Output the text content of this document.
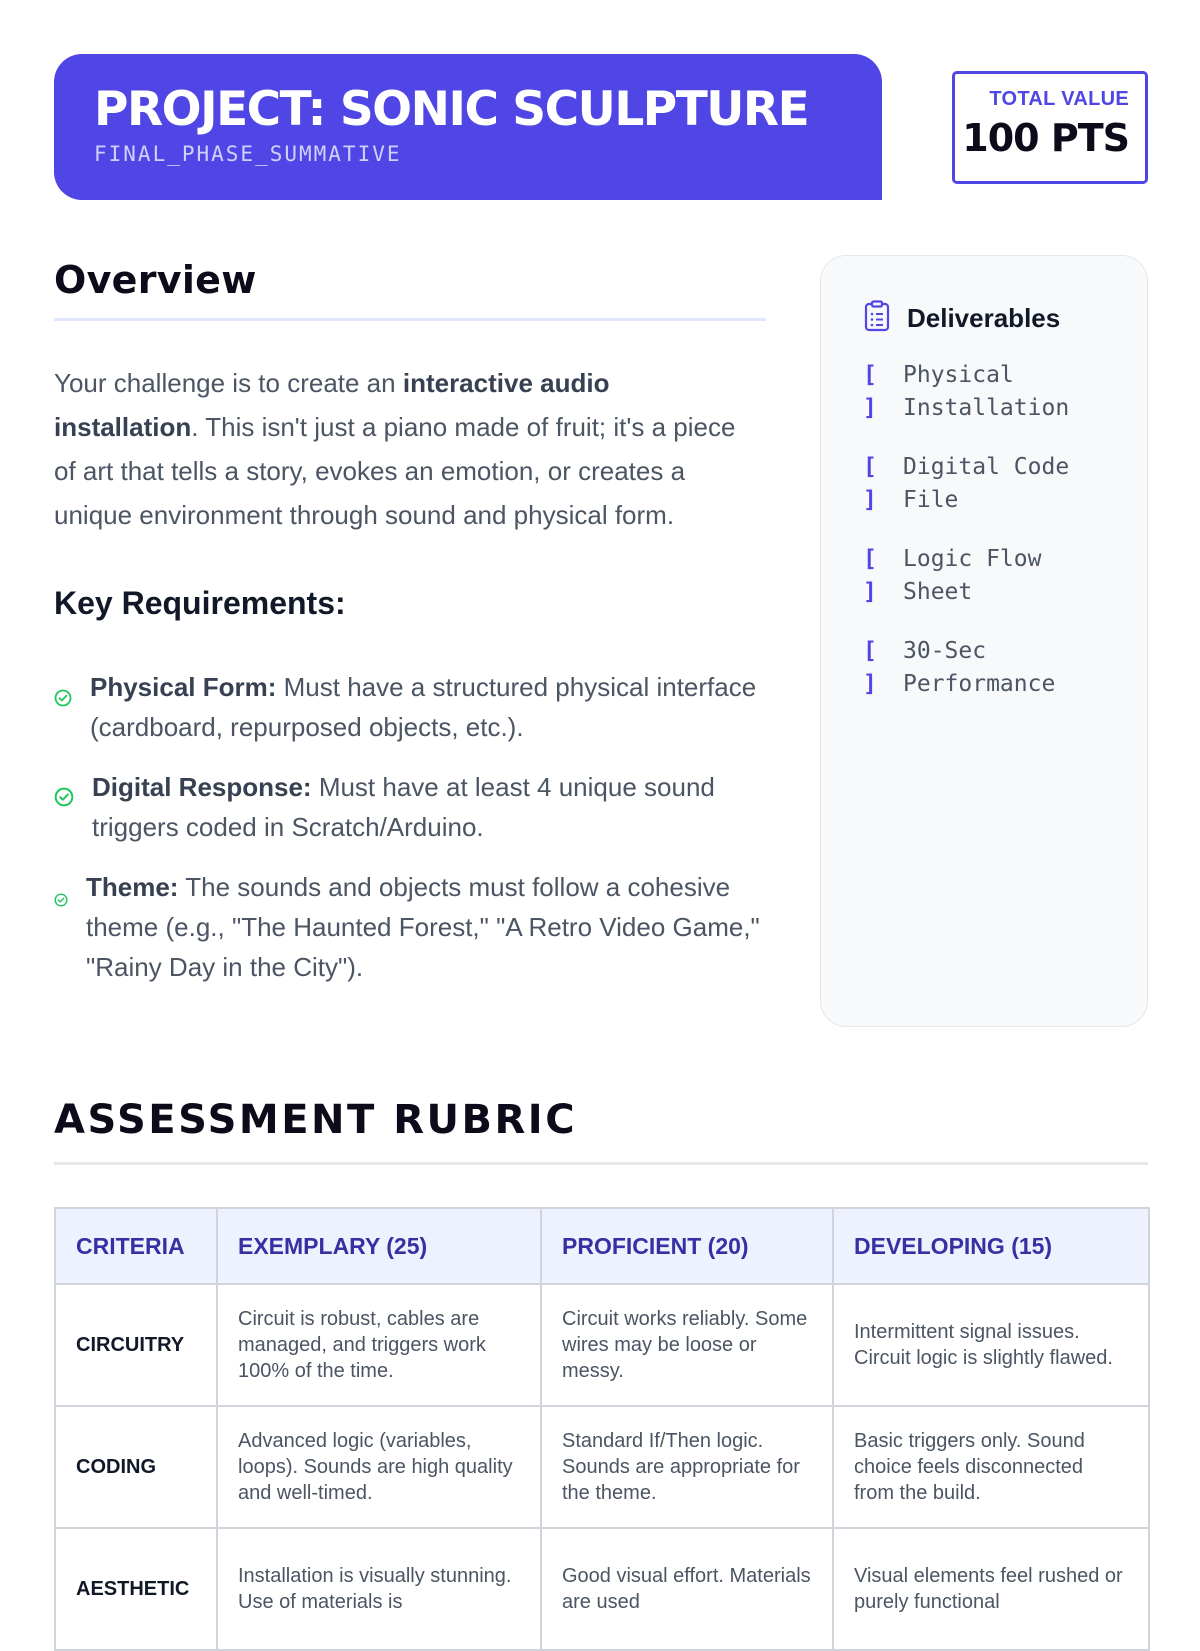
PROJECT: SONIC SCULPTURE
FINAL_PHASE_SUMMATIVE
TOTAL VALUE
100 PTS
Overview

Your challenge is to create an interactive audio installation. This isn't just a piano made of fruit; it's a piece of art that tells a story, evokes an emotion, or creates a unique environment through sound and physical form.

Key Requirements:
Physical Form: Must have a structured physical interface (cardboard, repurposed objects, etc.).
Digital Response: Must have at least 4 unique sound triggers coded in Scratch/Arduino.
Theme: The sounds and objects must follow a cohesive theme (e.g., "The Haunted Forest," "A Retro Video Game," "Rainy Day in the City").
Deliverables
[
]
Physical Installation
[
]
Digital Code File
[
]
Logic Flow Sheet
[
]
30-Sec Performance
ASSESSMENT RUBRIC
CRITERIA	EXEMPLARY (25)	PROFICIENT (20)	DEVELOPING (15)
CIRCUITRY	Circuit is robust, cables are managed, and triggers work 100% of the time.	Circuit works reliably. Some wires may be loose or messy.	Intermittent signal issues. Circuit logic is slightly flawed.
CODING	Advanced logic (variables, loops). Sounds are high quality and well-timed.	Standard If/Then logic. Sounds are appropriate for the theme.	Basic triggers only. Sound choice feels disconnected from the build.
AESTHETIC	Installation is visually stunning. Use of materials is	Good visual effort. Materials are used	Visual elements feel rushed or purely functional
